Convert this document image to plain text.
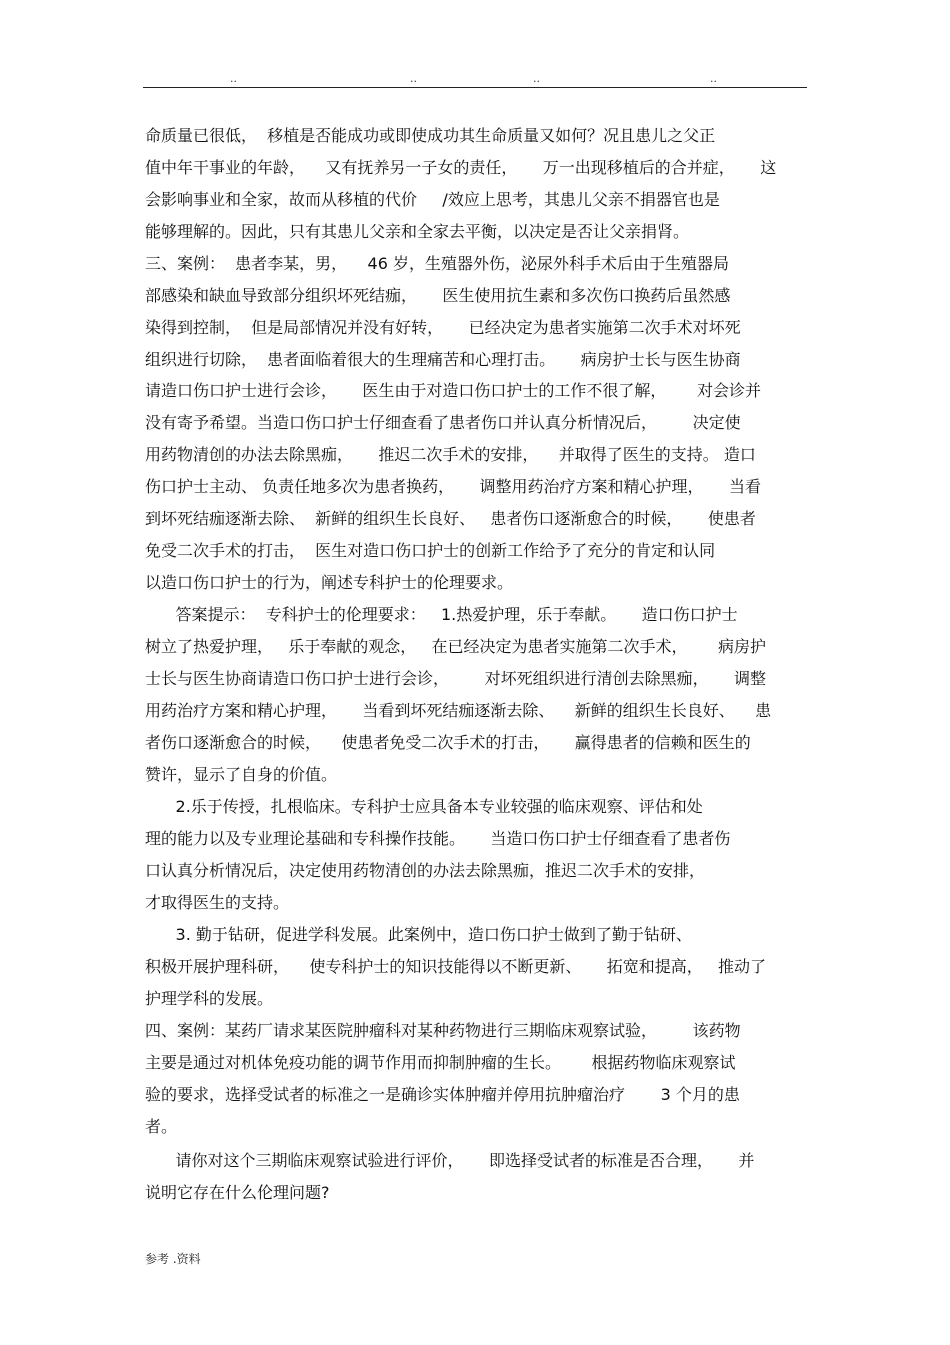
..	..	..	..
命质量已很低，  移植是否能成功或即使成功其生命质量又如何？况且患儿之父正
值中年干事业的年龄，    又有抚养另一子女的责任，     万一出现移植后的合并症，     这
会影响事业和全家，故而从移植的代价     /效应上思考，其患儿父亲不捐器官也是
能够理解的。因此，只有其患儿父亲和全家去平衡，以决定是否让父亲捐肾。
三、案例：  患者李某，男，    46 岁，生殖器外伤，泌尿外科手术后由于生殖器局
部感染和缺血导致部分组织坏死结痂，     医生使用抗生素和多次伤口换药后虽然感
染得到控制，  但是局部情况并没有好转，     已经决定为患者实施第二次手术对坏死
组织进行切除，  患者面临着很大的生理痛苦和心理打击。     病房护士长与医生协商
请造口伤口护士进行会诊，     医生由于对造口伤口护士的工作不很了解，      对会诊并
没有寄予希望。当造口伤口护士仔细查看了患者伤口并认真分析情况后，       决定使
用药物清创的办法去除黑痂，     推迟二次手术的安排，    并取得了医生的支持。 造口
伤口护士主动、 负责任地多次为患者换药，     调整用药治疗方案和精心护理，     当看
到坏死结痂逐渐去除、  新鲜的组织生长良好、   患者伤口逐渐愈合的时候，     使患者
免受二次手术的打击，  医生对造口伤口护士的创新工作给予了充分的肯定和认同
以造口伤口护士的行为，阐述专科护士的伦理要求。
答案提示：  专科护士的伦理要求：   1.热爱护理，乐于奉献。     造口伤口护士
树立了热爱护理，   乐于奉献的观念，   在已经决定为患者实施第二次手术，      病房护
士长与医生协商请造口伤口护士进行会诊，       对坏死组织进行清创去除黑痂，     调整
用药治疗方案和精心护理，     当看到坏死结痂逐渐去除、    新鲜的组织生长良好、    患
者伤口逐渐愈合的时候，    使患者免受二次手术的打击，     赢得患者的信赖和医生的
赞许，显示了自身的价值。
2.乐于传授，扎根临床。专科护士应具备本专业较强的临床观察、评估和处
理的能力以及专业理论基础和专科操作技能。     当造口伤口护士仔细查看了患者伤
口认真分析情况后，决定使用药物清创的办法去除黑痂，推迟二次手术的安排，
才取得医生的支持。
3. 勤于钻研，促进学科发展。此案例中，造口伤口护士做到了勤于钻研、
积极开展护理科研，    使专科护士的知识技能得以不断更新、     拓宽和提高，   推动了
护理学科的发展。
四、案例：某药厂请求某医院肿瘤科对某种药物进行三期临床观察试验，       该药物
主要是通过对机体免疫功能的调节作用而抑制肿瘤的生长。      根据药物临床观察试
验的要求，选择受试者的标准之一是确诊实体肿瘤并停用抗肿瘤治疗       3 个月的患
者。
请你对这个三期临床观察试验进行评价，     即选择受试者的标准是否合理，     并
说明它存在什么伦理问题?
参考 .资料
